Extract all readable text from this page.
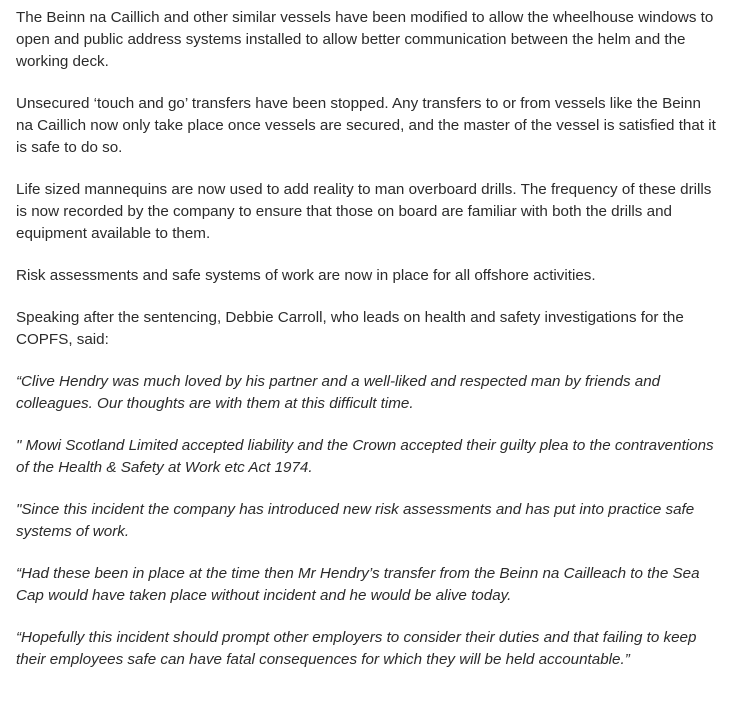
The Beinn na Caillich and other similar vessels have been modified to allow the wheelhouse windows to open and public address systems installed to allow better communication between the helm and the working deck.

Unsecured ‘touch and go’ transfers have been stopped. Any transfers to or from vessels like the Beinn na Caillich now only take place once vessels are secured, and the master of the vessel is satisfied that it is safe to do so.

Life sized mannequins are now used to add reality to man overboard drills. The frequency of these drills is now recorded by the company to ensure that those on board are familiar with both the drills and equipment available to them.

Risk assessments and safe systems of work are now in place for all offshore activities.

Speaking after the sentencing, Debbie Carroll, who leads on health and safety investigations for the COPFS, said:

“Clive Hendry was much loved by his partner and a well-liked and respected man by friends and colleagues. Our thoughts are with them at this difficult time.

" Mowi Scotland Limited accepted liability and the Crown accepted their guilty plea to the contraventions of the Health & Safety at Work etc Act 1974.

"Since this incident the company has introduced new risk assessments and has put into practice safe systems of work.

“Had these been in place at the time then Mr Hendry’s transfer from the Beinn na Cailleach to the Sea Cap would have taken place without incident and he would be alive today.

“Hopefully this incident should prompt other employers to consider their duties and that failing to keep their employees safe can have fatal consequences for which they will be held accountable.”
